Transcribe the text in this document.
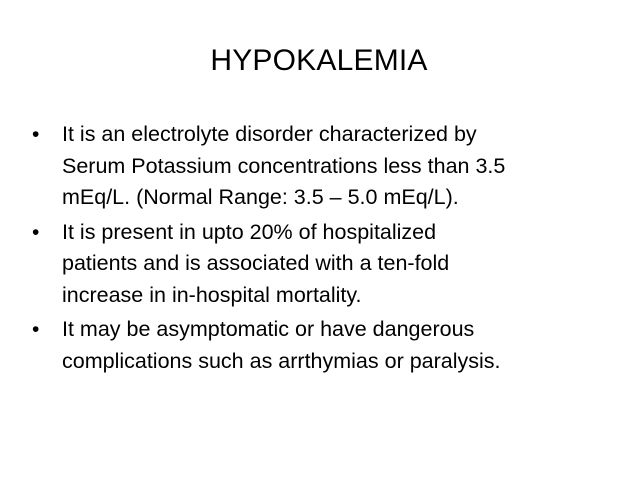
HYPOKALEMIA
•	It is an electrolyte disorder characterized by
Serum Potassium concentrations less than 3.5
mEq/L. (Normal Range: 3.5 – 5.0 mEq/L).
•	It is present in upto 20% of hospitalized
patients and is associated with a ten-fold
increase in in-hospital mortality.
•	It may be asymptomatic or have dangerous
complications such as arrthymias or paralysis.
